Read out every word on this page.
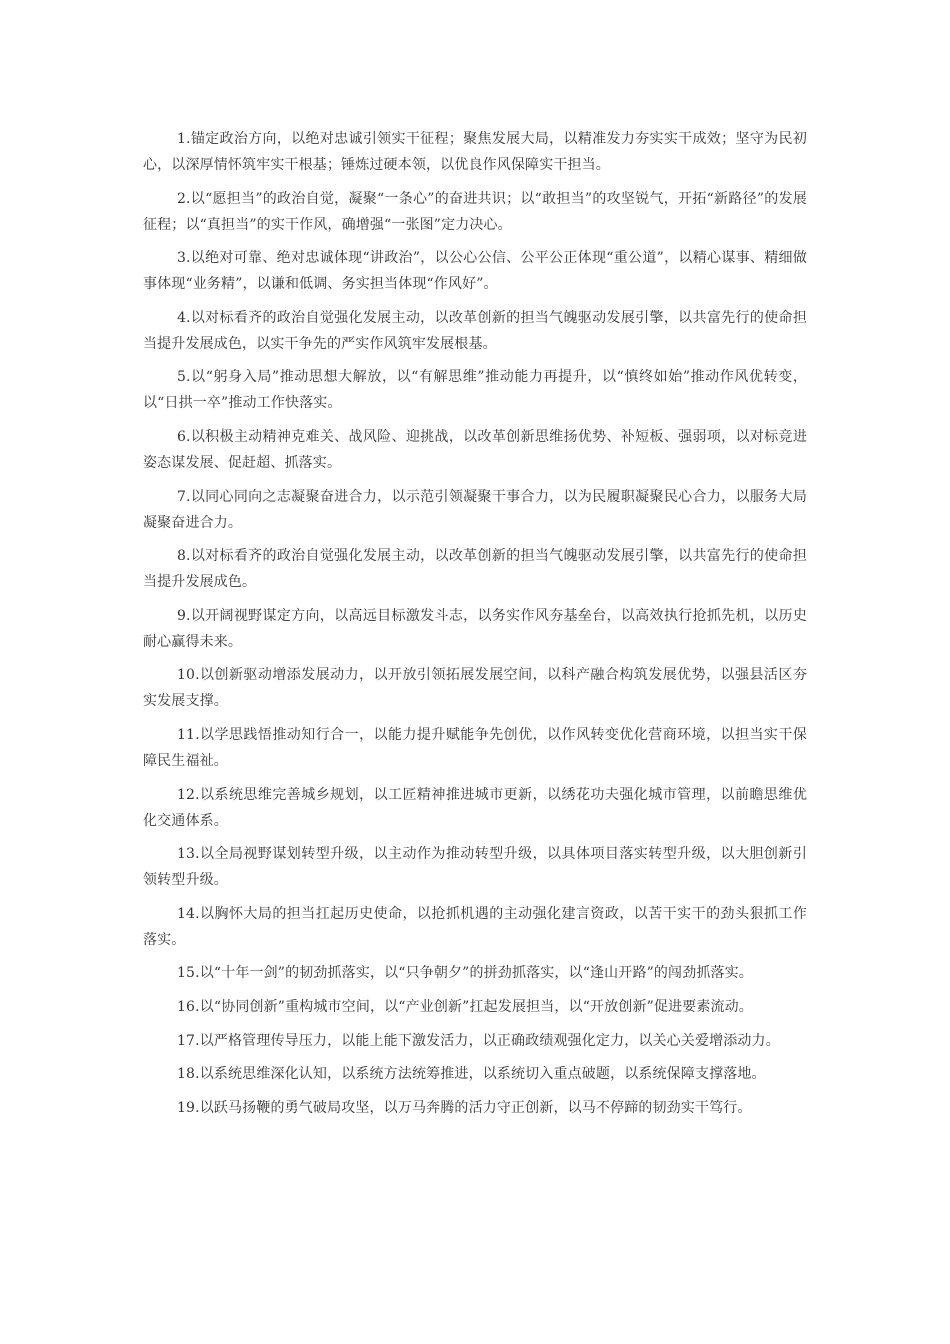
1.锚定政治方向，以绝对忠诚引领实干征程；聚焦发展大局，以精准发力夯实实干成效；坚守为民初心，以深厚情怀筑牢实干根基；锤炼过硬本领，以优良作风保障实干担当。

2.以“愿担当”的政治自觉，凝聚“一条心”的奋进共识；以“敢担当”的攻坚锐气，开拓“新路径”的发展征程；以“真担当”的实干作风，确增强“一张图”定力决心。

3.以绝对可靠、绝对忠诚体现“讲政治”，以公心公信、公平公正体现“重公道”，以精心谋事、精细做事体现“业务精”，以谦和低调、务实担当体现“作风好”。

4.以对标看齐的政治自觉强化发展主动，以改革创新的担当气魄驱动发展引擎，以共富先行的使命担当提升发展成色，以实干争先的严实作风筑牢发展根基。

5.以“躬身入局”推动思想大解放，以“有解思维”推动能力再提升，以“慎终如始”推动作风优转变，以“日拱一卒”推动工作快落实。

6.以积极主动精神克难关、战风险、迎挑战，以改革创新思维扬优势、补短板、强弱项，以对标竞进姿态谋发展、促赶超、抓落实。

7.以同心同向之志凝聚奋进合力，以示范引领凝聚干事合力，以为民履职凝聚民心合力，以服务大局凝聚奋进合力。

8.以对标看齐的政治自觉强化发展主动，以改革创新的担当气魄驱动发展引擎，以共富先行的使命担当提升发展成色。

9.以开阔视野谋定方向，以高远目标激发斗志，以务实作风夯基垒台，以高效执行抢抓先机，以历史耐心赢得未来。

10.以创新驱动增添发展动力，以开放引领拓展发展空间，以科产融合构筑发展优势，以强县活区夯实发展支撑。

11.以学思践悟推动知行合一，以能力提升赋能争先创优，以作风转变优化营商环境，以担当实干保障民生福祉。

12.以系统思维完善城乡规划，以工匠精神推进城市更新，以绣花功夫强化城市管理，以前瞻思维优化交通体系。

13.以全局视野谋划转型升级，以主动作为推动转型升级，以具体项目落实转型升级，以大胆创新引领转型升级。

14.以胸怀大局的担当扛起历史使命，以抢抓机遇的主动强化建言资政，以苦干实干的劲头狠抓工作落实。

15.以“十年一剑”的韧劲抓落实，以“只争朝夕”的拼劲抓落实，以“逢山开路”的闯劲抓落实。

16.以“协同创新”重构城市空间，以“产业创新”扛起发展担当，以“开放创新”促进要素流动。

17.以严格管理传导压力，以能上能下激发活力，以正确政绩观强化定力，以关心关爱增添动力。

18.以系统思维深化认知，以系统方法统筹推进，以系统切入重点破题，以系统保障支撑落地。

19.以跃马扬鞭的勇气破局攻坚，以万马奔腾的活力守正创新，以马不停蹄的韧劲实干笃行。
